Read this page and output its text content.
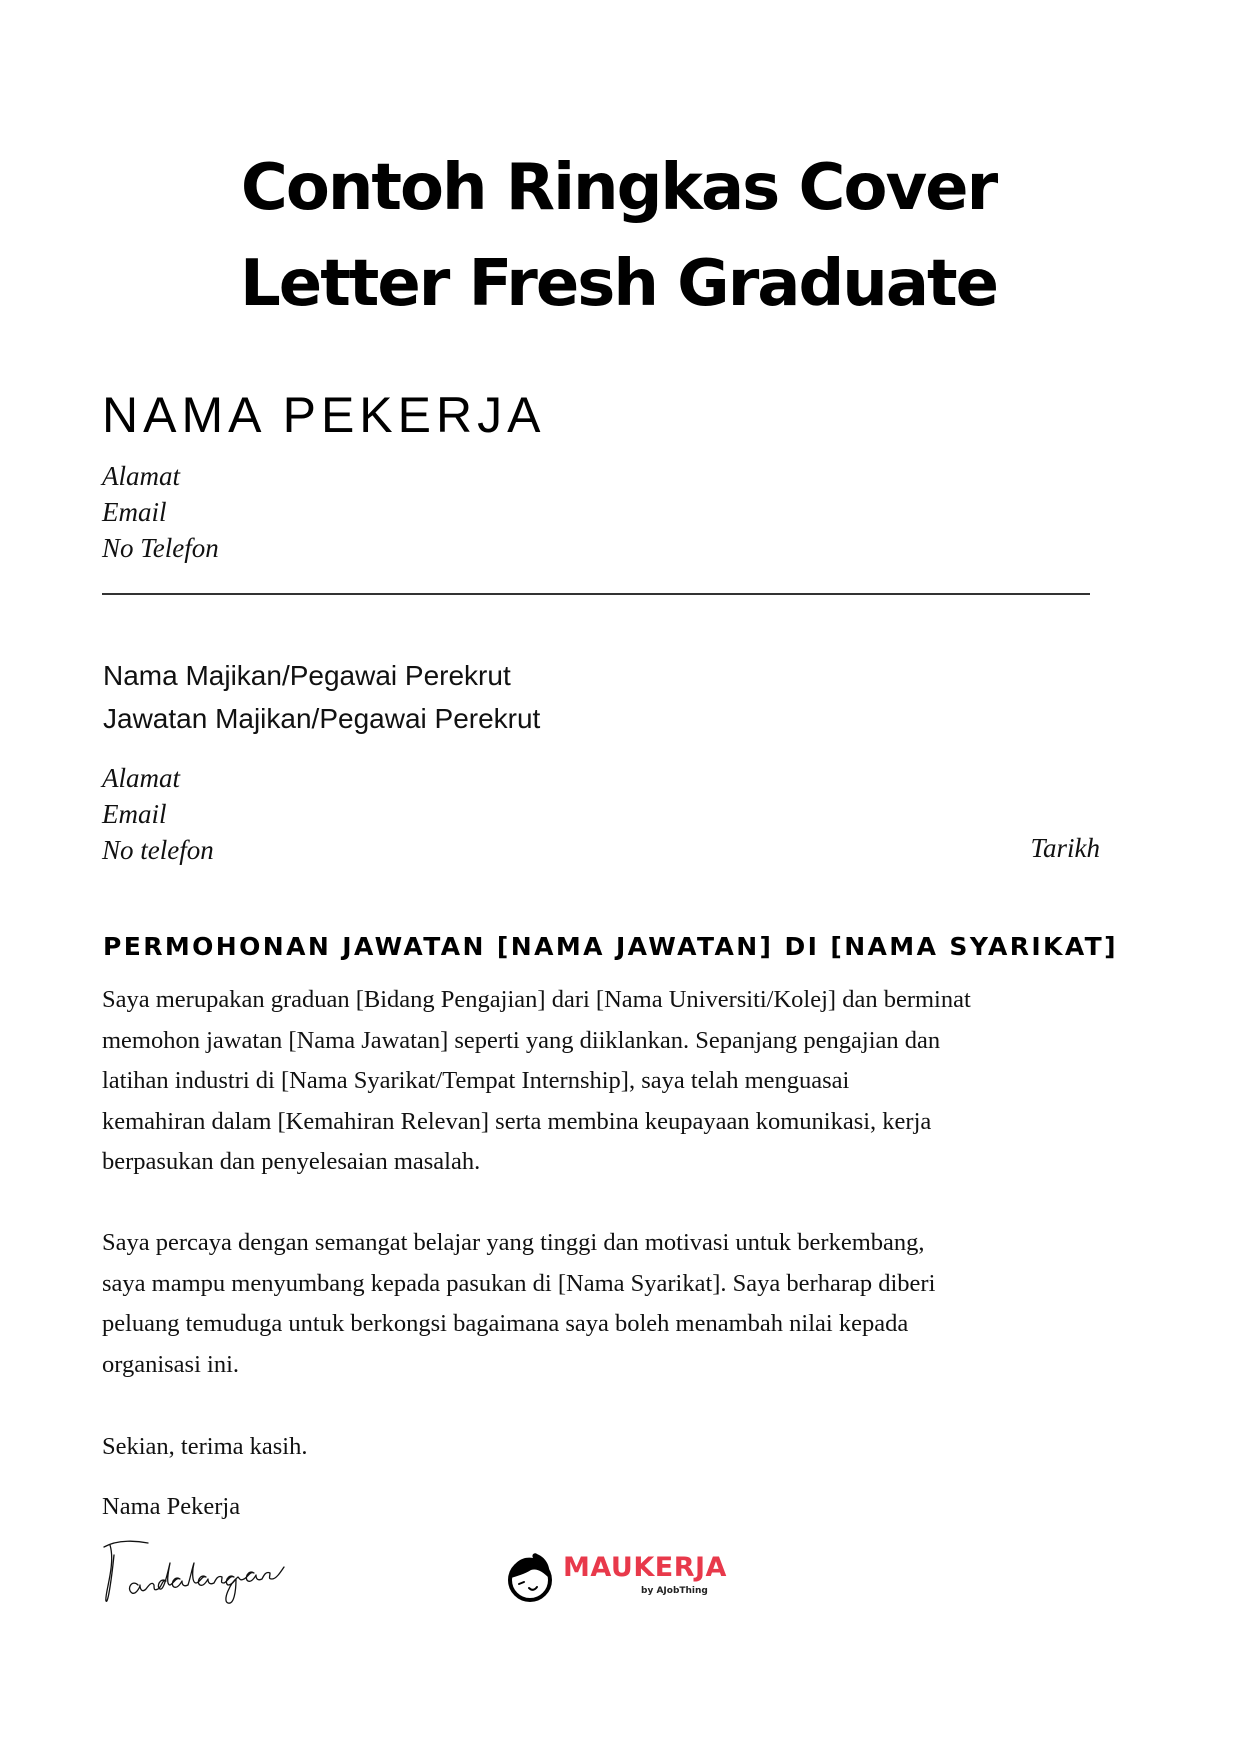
Contoh Ringkas Cover
Letter Fresh Graduate
NAMA PEKERJA
Alamat
Email
No Telefon
Nama Majikan/Pegawai Perekrut
Jawatan Majikan/Pegawai Perekrut
Alamat
Email
No telefon	Tarikh
PERMOHONAN JAWATAN [NAMA JAWATAN] DI [NAMA SYARIKAT]
Saya merupakan graduan [Bidang Pengajian] dari [Nama Universiti/Kolej] dan berminat
memohon jawatan [Nama Jawatan] seperti yang diiklankan. Sepanjang pengajian dan
latihan industri di [Nama Syarikat/Tempat Internship], saya telah menguasai
kemahiran dalam [Kemahiran Relevan] serta membina keupayaan komunikasi, kerja
berpasukan dan penyelesaian masalah.
Saya percaya dengan semangat belajar yang tinggi dan motivasi untuk berkembang,
saya mampu menyumbang kepada pasukan di [Nama Syarikat]. Saya berharap diberi
peluang temuduga untuk berkongsi bagaimana saya boleh menambah nilai kepada
organisasi ini.
Sekian, terima kasih.
Nama Pekerja
MAUKERJA
by AJobThing
